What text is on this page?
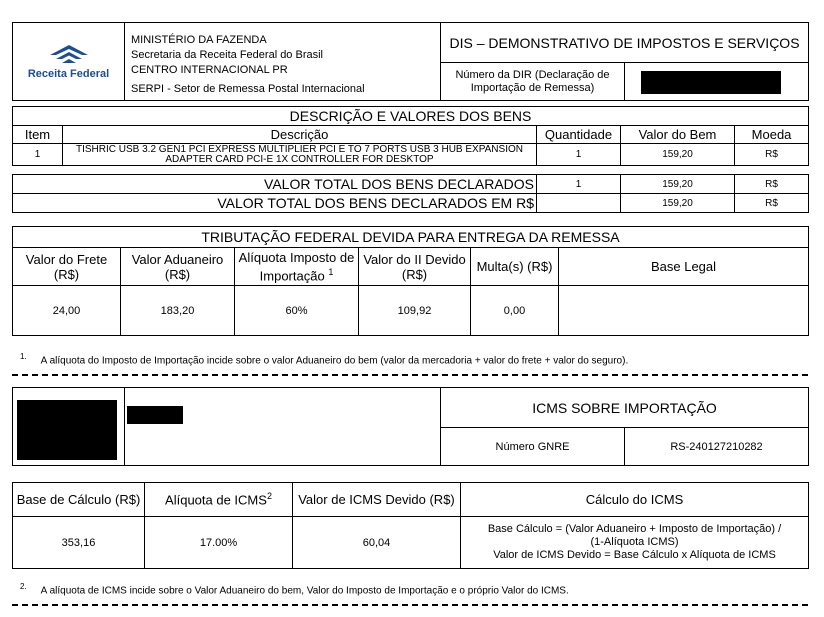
Receita Federal	MINISTÉRIO DA FAZENDA
Secretaria da Receita Federal do Brasil
CENTRO INTERNACIONAL PR
SERPI - Setor de Remessa Postal Internacional	DIS – DEMONSTRATIVO DE IMPOSTOS E SERVIÇOS	
		Número da DIR (Declaração de Importação de Remessa)	
DESCRIÇÃO E VALORES DOS BENS				
Item	Descrição	Quantidade	Valor do Bem	Moeda
1	TISHRIC USB 3.2 GEN1 PCI EXPRESS MULTIPLIER PCI E TO 7 PORTS USB 3 HUB EXPANSION ADAPTER CARD PCI-E 1X CONTROLLER FOR DESKTOP	1	159,20	R$
VALOR TOTAL DOS BENS DECLARADOS	1	159,20	R$
VALOR TOTAL DOS BENS DECLARADOS EM R$		159,20	R$
TRIBUTAÇÃO FEDERAL DEVIDA PARA ENTREGA DA REMESSA					
Valor do Frete (R$)	Valor Aduaneiro (R$)	Alíquota Imposto de Importação $^1$	Valor do II Devido (R$)	Multa(s) (R$)	Base Legal
24,00	183,20	60%	109,92	0,00	
$^{1.}$ A alíquota do Imposto de Importação incide sobre o valor Aduaneiro do bem (valor da mercadoria + valor do frete + valor do seguro).

	ICMS SOBRE IMPORTAÇÃO	
		Número GNRE	RS-240127210282
Base de Cálculo (R$)	Alíquota de ICMS$^2$	Valor de ICMS Devido (R$)	Cálculo do ICMS
353,16	17.00%	60,04	Base Cálculo = (Valor Aduaneiro + Imposto de Importação) /
(1-Alíquota ICMS)
Valor de ICMS Devido = Base Cálculo x Alíquota de ICMS
$^{2.}$ A alíquota de ICMS incide sobre o Valor Aduaneiro do bem, Valor do Imposto de Importação e o próprio Valor do ICMS.
